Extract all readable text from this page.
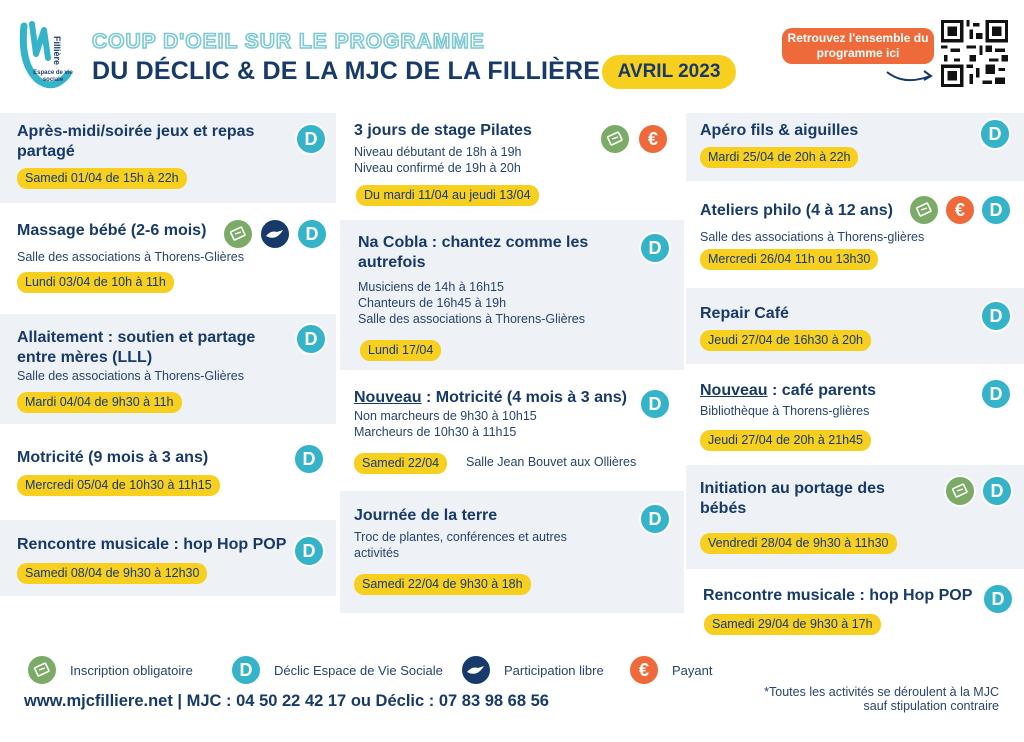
Fillière
Espace de vie sociale
COUP D'OEIL SUR LE PROGRAMME
DU DÉCLIC & DE LA MJC DE LA FILLIÈRE AVRIL 2023
Retrouvez l'ensemble du programme ici
Après-midi/soirée jeux et repas partagé
Samedi 01/04 de 15h à 22h
D
Massage bébé (2-6 mois)
Salle des associations à Thorens-Glières
Lundi 03/04 de 10h à 11h
D
Allaitement : soutien et partage entre mères (LLL)
Salle des associations à Thorens-Glières
Mardi 04/04 de 9h30 à 11h
D
Motricité (9 mois à 3 ans)
Mercredi 05/04 de 10h30 à 11h15
D
Rencontre musicale : hop Hop POP
Samedi 08/04 de 9h30 à 12h30
D
3 jours de stage Pilates
Niveau débutant de 18h à 19h
Niveau confirmé de 19h à 20h
Du mardi 11/04 au jeudi 13/04
€
Na Cobla : chantez comme les autrefois
Musiciens de 14h à 16h15
Chanteurs de 16h45 à 19h
Salle des associations à Thorens-Glières
Lundi 17/04
D
Nouveau : Motricité (4 mois à 3 ans)
Non marcheurs de 9h30 à 10h15
Marcheurs de 10h30 à 11h15
Samedi 22/04	Salle Jean Bouvet aux Ollières
D
Journée de la terre
Troc de plantes, conférences et autres activités
Samedi 22/04 de 9h30 à 18h
D
Apéro fils & aiguilles
Mardi 25/04 de 20h à 22h
D
Ateliers philo (4 à 12 ans)
Salle des associations à Thorens-glières
Mercredi 26/04 11h ou 13h30
€	D
Repair Café
Jeudi 27/04 de 16h30 à 20h
D
Nouveau : café parents
Bibliothèque à Thorens-glières
Jeudi 27/04 de 20h à 21h45
D
Initiation au portage des bébés
Vendredi 28/04 de 9h30 à 11h30
D
Rencontre musicale : hop Hop POP
Samedi 29/04 de 9h30 à 17h
D
Inscription obligatoire	D	Déclic Espace de Vie Sociale	Participation libre	€	Payant
www.mjcfilliere.net | MJC : 04 50 22 42 17 ou Déclic : 07 83 98 68 56	*Toutes les activités se déroulent à la MJC sauf stipulation contraire
